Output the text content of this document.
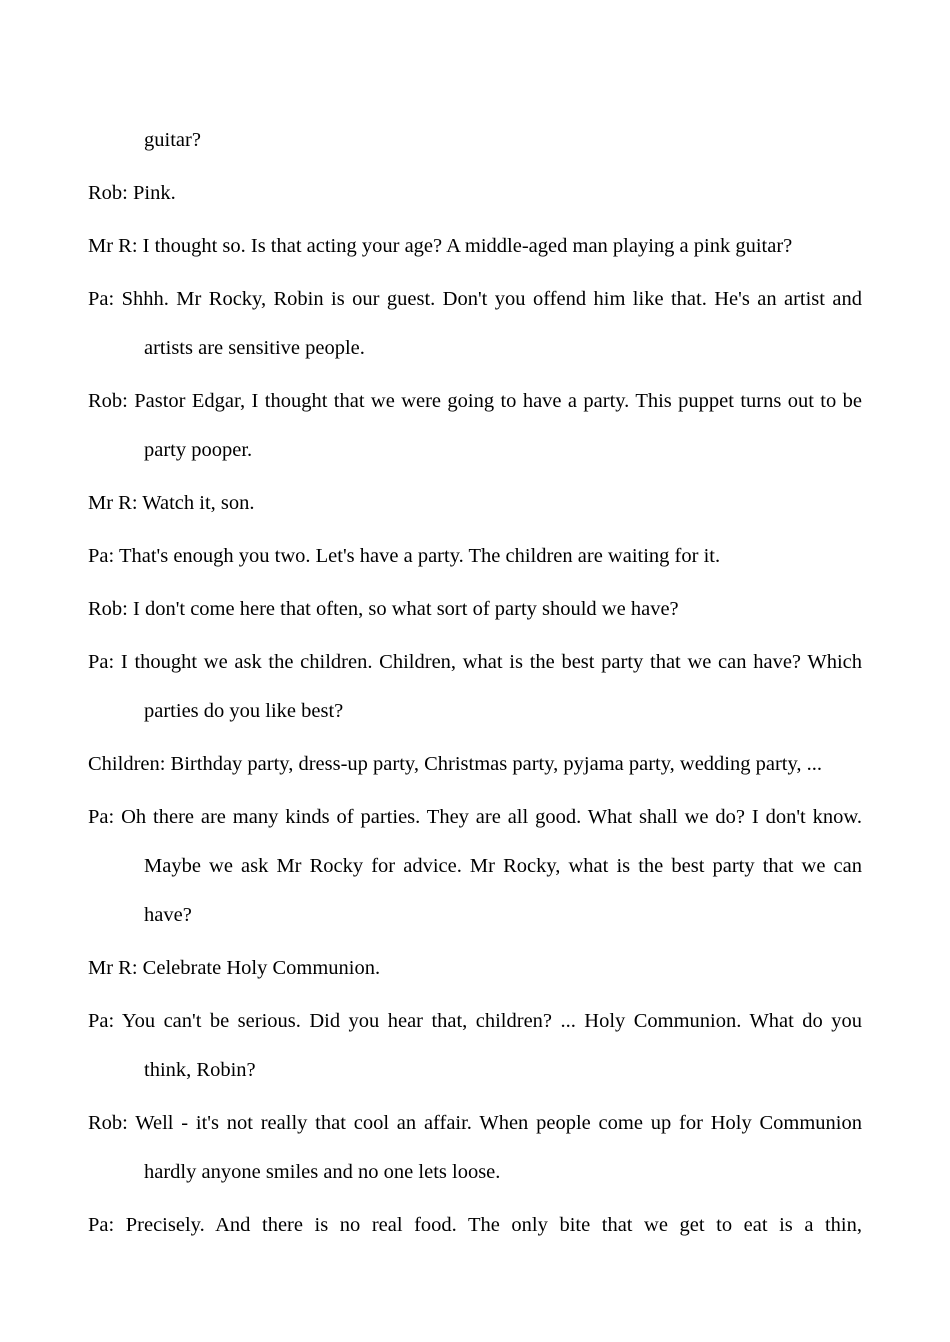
guitar?

Rob: Pink.

Mr R: I thought so. Is that acting your age? A middle-aged man playing a pink guitar?

Pa: Shhh. Mr Rocky, Robin is our guest. Don't you offend him like that. He's an artist and artists are sensitive people.

Rob: Pastor Edgar, I thought that we were going to have a party. This puppet turns out to be party pooper.

Mr R: Watch it, son.

Pa: That's enough you two. Let's have a party. The children are waiting for it.

Rob: I don't come here that often, so what sort of party should we have?

Pa: I thought we ask the children. Children, what is the best party that we can have? Which parties do you like best?

Children: Birthday party, dress-up party, Christmas party, pyjama party, wedding party, ...

Pa: Oh there are many kinds of parties. They are all good. What shall we do? I don't know. Maybe we ask Mr Rocky for advice. Mr Rocky, what is the best party that we can have?

Mr R: Celebrate Holy Communion.

Pa: You can't be serious. Did you hear that, children? ... Holy Communion. What do you think, Robin?

Rob: Well - it's not really that cool an affair. When people come up for Holy Communion hardly anyone smiles and no one lets loose.

Pa: Precisely. And there is no real food. The only bite that we get to eat is a thin,
